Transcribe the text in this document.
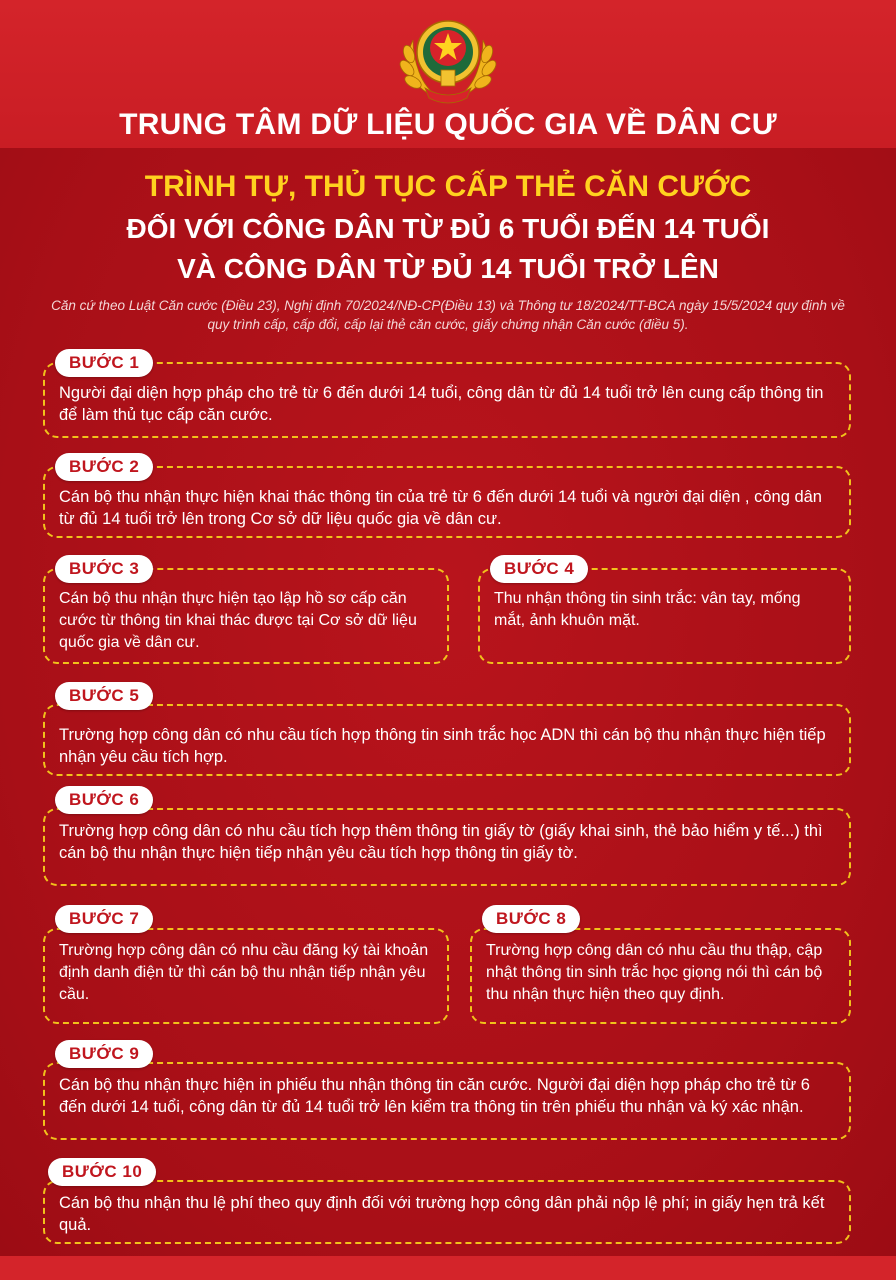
TRUNG TÂM DỮ LIỆU QUỐC GIA VỀ DÂN CƯ
TRÌNH TỰ, THỦ TỤC CẤP THẺ CĂN CƯỚC
ĐỐI VỚI CÔNG DÂN TỪ ĐỦ 6 TUỔI ĐẾN 14 TUỔI
VÀ CÔNG DÂN TỪ ĐỦ 14 TUỔI TRỞ LÊN
Căn cứ theo Luật Căn cước (Điều 23), Nghị định 70/2024/NĐ-CP(Điều 13) và Thông tư 18/2024/TT-BCA ngày 15/5/2024 quy định về quy trình cấp, cấp đổi, cấp lại thẻ căn cước, giấy chứng nhận Căn cước (điều 5).
Người đại diện hợp pháp cho trẻ từ 6 đến dưới 14 tuổi, công dân từ đủ 14 tuổi trở lên cung cấp thông tin để làm thủ tục cấp căn cước.
BƯỚC 1
Cán bộ thu nhận thực hiện khai thác thông tin của trẻ từ 6 đến dưới 14 tuổi và người đại diện , công dân từ đủ 14 tuổi trở lên trong Cơ sở dữ liệu quốc gia về dân cư.
BƯỚC 2
Cán bộ thu nhận thực hiện tạo lập hồ sơ cấp căn cước từ thông tin khai thác được tại Cơ sở dữ liệu quốc gia về dân cư.
BƯỚC 3
Thu nhận thông tin sinh trắc: vân tay, mống mắt, ảnh khuôn mặt.
BƯỚC 4
Trường hợp công dân có nhu cầu tích hợp thông tin sinh trắc học ADN thì cán bộ thu nhận thực hiện tiếp nhận yêu cầu tích hợp.
BƯỚC 5
Trường hợp công dân có nhu cầu tích hợp thêm thông tin giấy tờ (giấy khai sinh, thẻ bảo hiểm y tế...) thì cán bộ thu nhận thực hiện tiếp nhận yêu cầu tích hợp thông tin giấy tờ.
BƯỚC 6
Trường hợp công dân có nhu cầu đăng ký tài khoản định danh điện tử thì cán bộ thu nhận tiếp nhận yêu cầu.
BƯỚC 7
Trường hợp công dân có nhu cầu thu thập, cập nhật thông tin sinh trắc học giọng nói thì cán bộ thu nhận thực hiện theo quy định.
BƯỚC 8
Cán bộ thu nhận thực hiện in phiếu thu nhận thông tin căn cước. Người đại diện hợp pháp cho trẻ từ 6 đến dưới 14 tuổi, công dân từ đủ 14 tuổi trở lên kiểm tra thông tin trên phiếu thu nhận và ký xác nhận.
BƯỚC 9
Cán bộ thu nhận thu lệ phí theo quy định đối với trường hợp công dân phải nộp lệ phí; in giấy hẹn trả kết quả.
BƯỚC 10
